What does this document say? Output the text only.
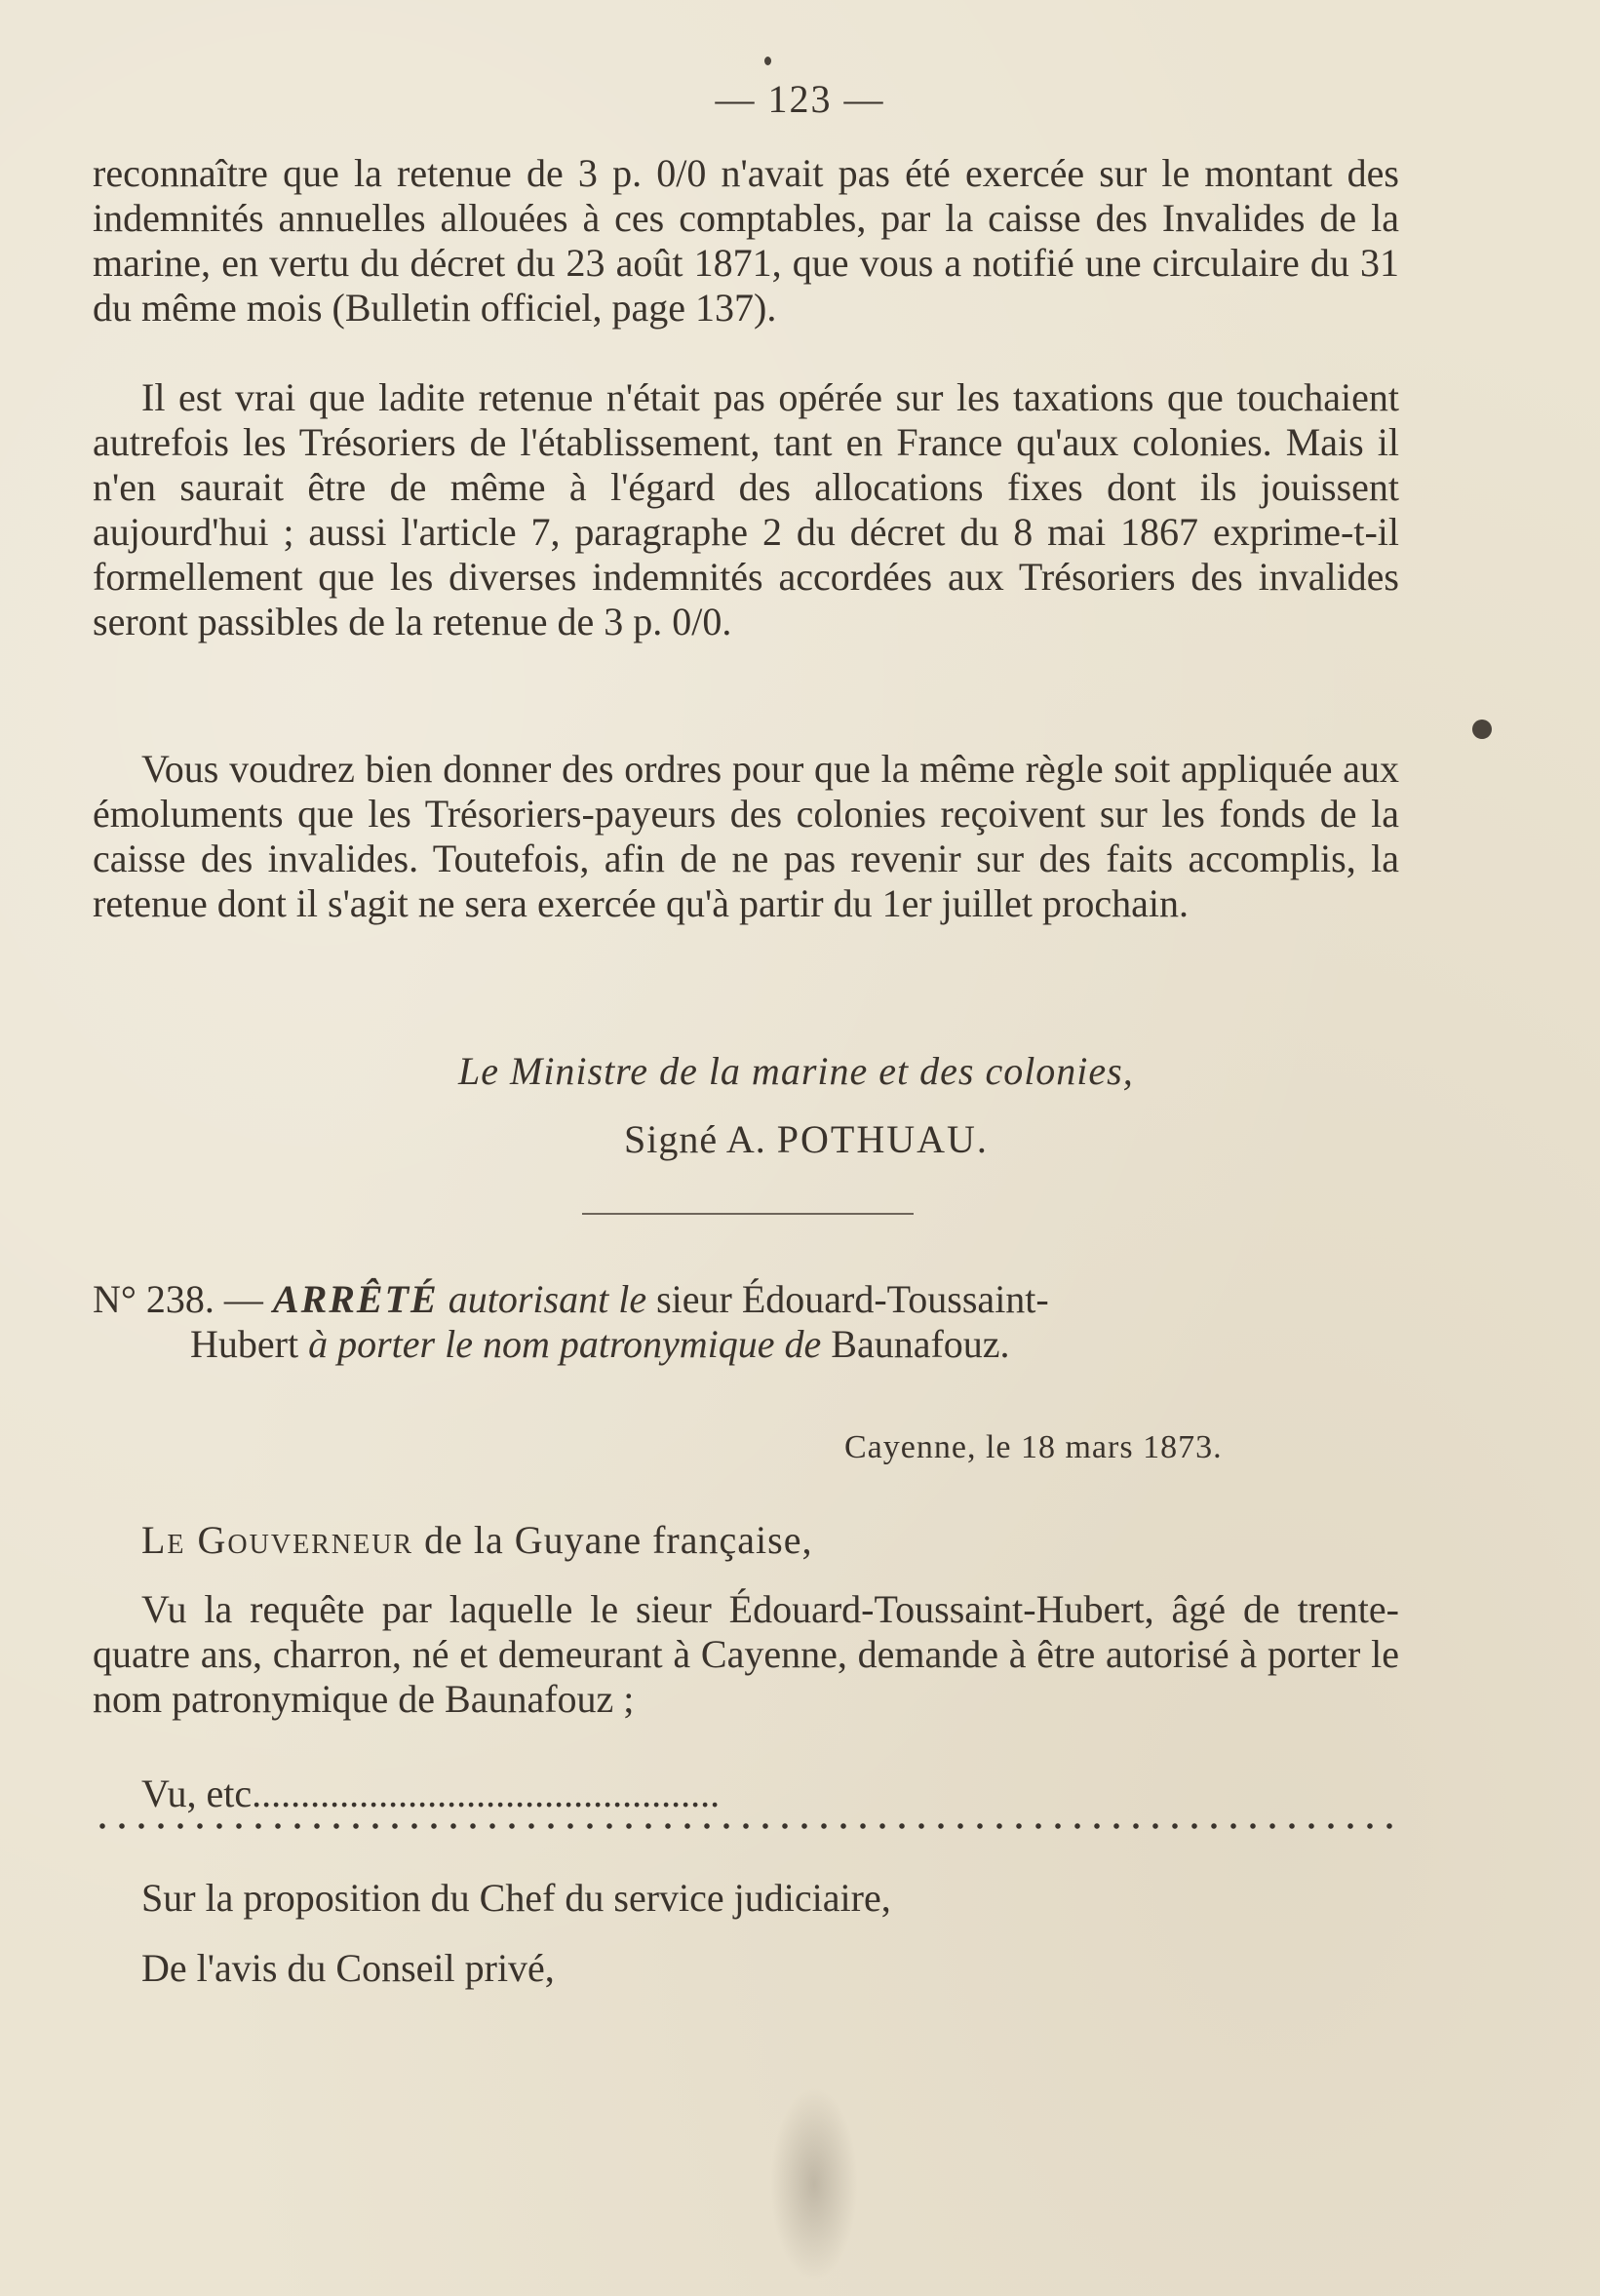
— 123 —

reconnaître que la retenue de 3 p. 0/0 n'avait pas été exercée sur le montant des indemnités annuelles allouées à ces comptables, par la caisse des Invalides de la marine, en vertu du décret du 23 août 1871, que vous a notifié une circulaire du 31 du même mois (Bulletin officiel, page 137).

Il est vrai que ladite retenue n'était pas opérée sur les taxations que touchaient autrefois les Trésoriers de l'établissement, tant en France qu'aux colonies. Mais il n'en saurait être de même à l'égard des allocations fixes dont ils jouissent aujourd'hui ; aussi l'article 7, paragraphe 2 du décret du 8 mai 1867 exprime-t-il formellement que les diverses indemnités accordées aux Trésoriers des invalides seront passibles de la retenue de 3 p. 0/0.

Vous voudrez bien donner des ordres pour que la même règle soit appliquée aux émoluments que les Trésoriers-payeurs des colonies reçoivent sur les fonds de la caisse des invalides. Toutefois, afin de ne pas revenir sur des faits accomplis, la retenue dont il s'agit ne sera exercée qu'à partir du 1er juillet prochain.

Le Ministre de la marine et des colonies,
Signé A. POTHUAU.
N° 238. — ARRÊTÉ autorisant le sieur Édouard-Toussaint-
Hubert à porter le nom patronymique de Baunafouz.
Cayenne, le 18 mars 1873.
Le Gouverneur de la Guyane française,

Vu la requête par laquelle le sieur Édouard-Toussaint-Hubert, âgé de trente-quatre ans, charron, né et demeurant à Cayenne, demande à être autorisé à porter le nom patronymique de Baunafouz ;

Vu, etc................................................
Sur la proposition du Chef du service judiciaire,
De l'avis du Conseil privé,
